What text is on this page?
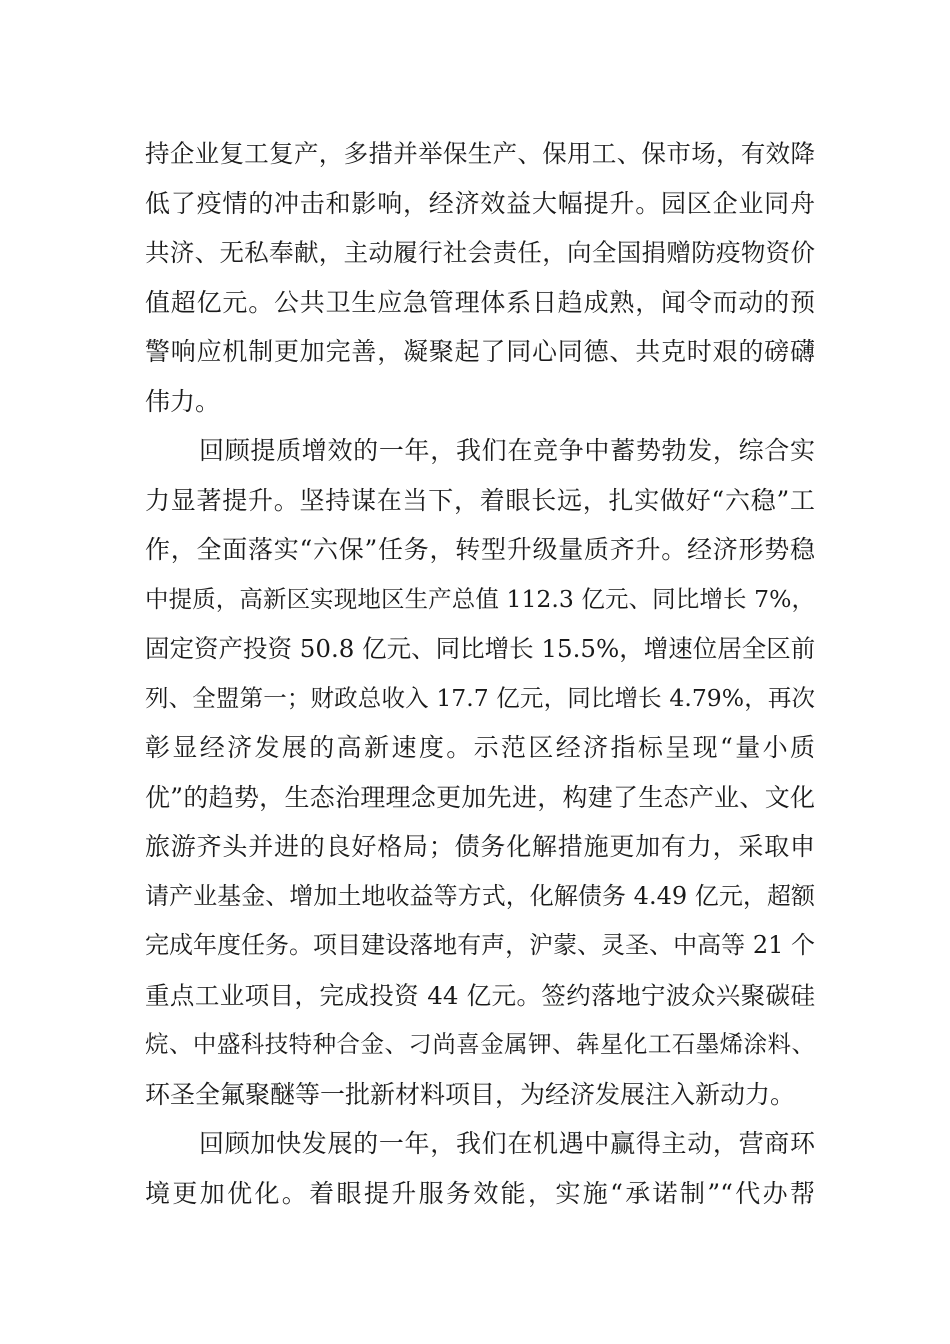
持企业复工复产，多措并举保生产、保用工、保市场，有效降
低了疫情的冲击和影响，经济效益大幅提升。园区企业同舟
共济、无私奉献，主动履行社会责任，向全国捐赠防疫物资价
值超亿元。公共卫生应急管理体系日趋成熟，闻令而动的预
警响应机制更加完善，凝聚起了同心同德、共克时艰的磅礴
伟力。
回顾提质增效的一年，我们在竞争中蓄势勃发，综合实
力显著提升。坚持谋在当下，着眼长远，扎实做好“六稳”工
作，全面落实“六保”任务，转型升级量质齐升。经济形势稳
中提质，高新区实现地区生产总值 112.3 亿元、同比增长 7%，
固定资产投资 50.8 亿元、同比增长 15.5%，增速位居全区前
列、全盟第一；财政总收入 17.7 亿元，同比增长 4.79%，再次
彰显经济发展的高新速度。示范区经济指标呈现“量小质
优”的趋势，生态治理理念更加先进，构建了生态产业、文化
旅游齐头并进的良好格局；债务化解措施更加有力，采取申
请产业基金、增加土地收益等方式，化解债务 4.49 亿元，超额
完成年度任务。项目建设落地有声，沪蒙、灵圣、中高等 21 个
重点工业项目，完成投资 44 亿元。签约落地宁波众兴聚碳硅
烷、中盛科技特种合金、刁尚喜金属钾、犇星化工石墨烯涂料、
环圣全氟聚醚等一批新材料项目，为经济发展注入新动力。
回顾加快发展的一年，我们在机遇中赢得主动，营商环
境更加优化。着眼提升服务效能，实施“承诺制”“代办帮
